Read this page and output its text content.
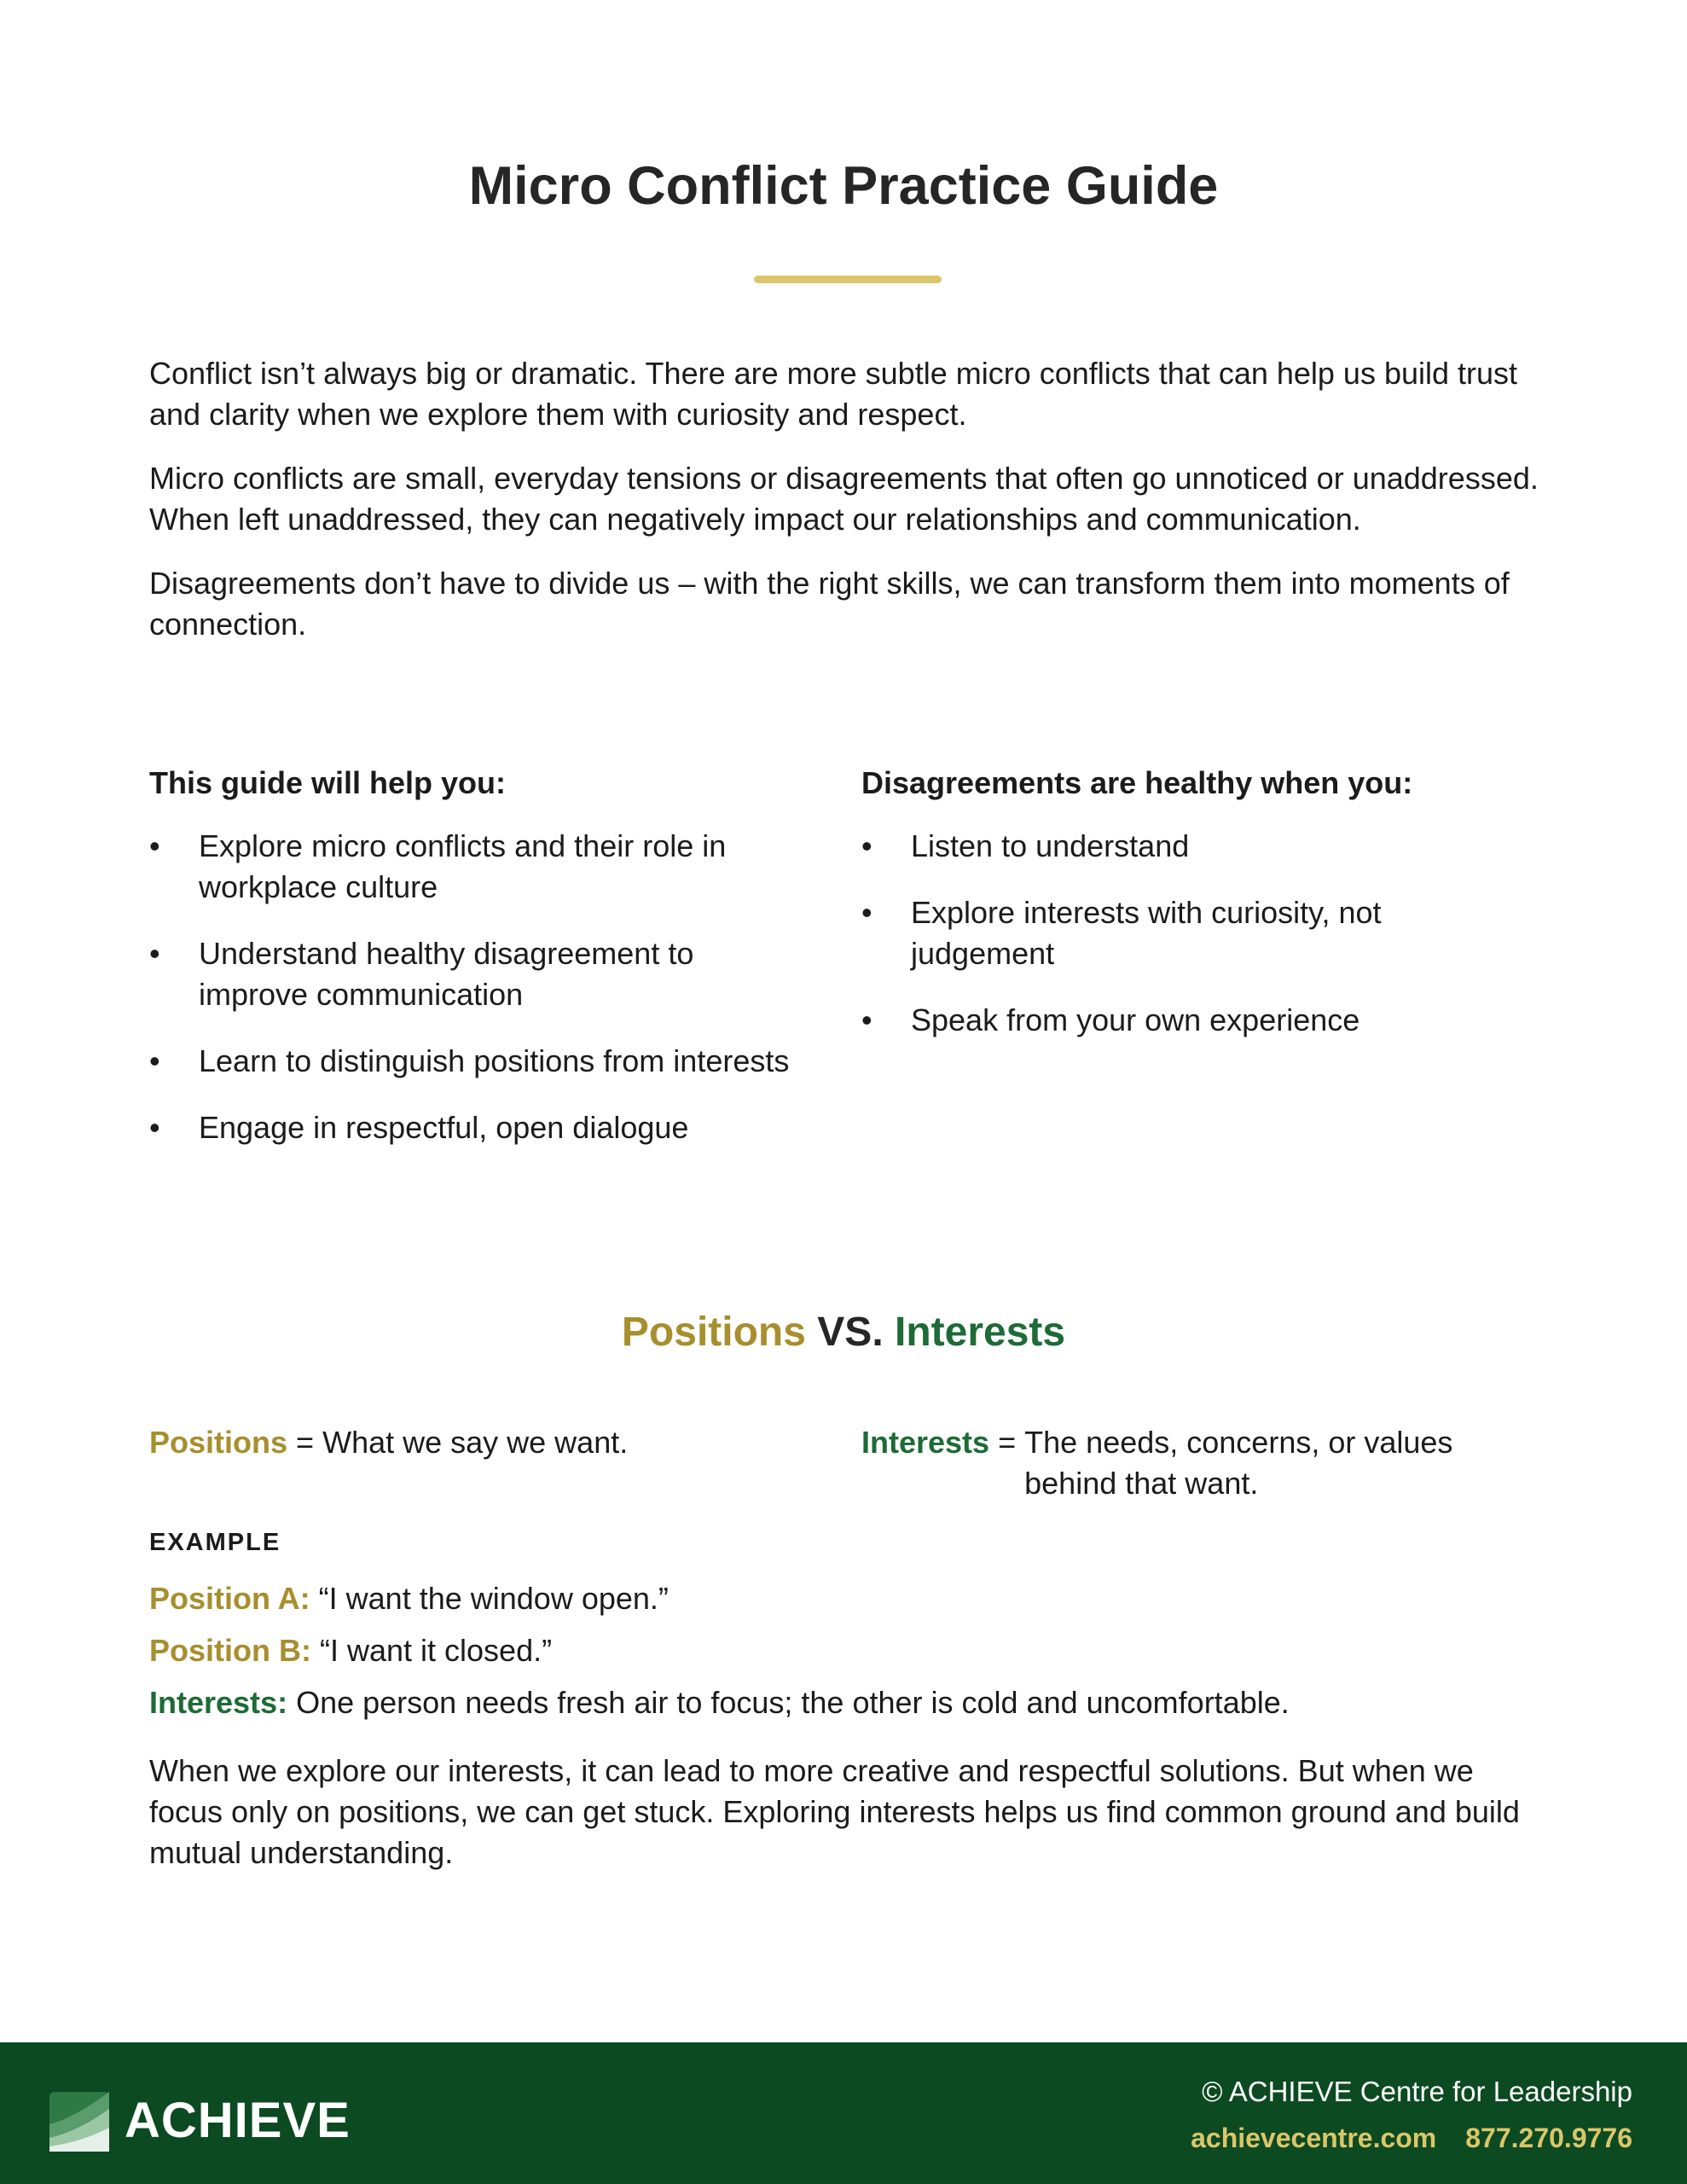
Micro Conflict Practice Guide

Conflict isn’t always big or dramatic. There are more subtle micro conflicts that can help us build trust and clarity when we explore them with curiosity and respect.

Micro conflicts are small, everyday tensions or disagreements that often go unnoticed or unaddressed. When left unaddressed, they can negatively impact our relationships and communication.

Disagreements don’t have to divide us – with the right skills, we can transform them into moments of connection.

This guide will help you:
• Explore micro conflicts and their role in workplace culture
• Understand healthy disagreement to improve communication
• Learn to distinguish positions from interests
• Engage in respectful, open dialogue
Disagreements are healthy when you:
• Listen to understand
• Explore interests with curiosity, not judgement
• Speak from your own experience
Positions VS. Interests
Positions = What we say we want.	Interests = The needs, concerns, or values behind that want.
EXAMPLE
Position A: “I want the window open.”
Position B: “I want it closed.”
Interests: One person needs fresh air to focus; the other is cold and uncomfortable.

When we explore our interests, it can lead to more creative and respectful solutions. But when we focus only on positions, we can get stuck. Exploring interests helps us find common ground and build mutual understanding.

ACHIEVE
© ACHIEVE Centre for Leadership
achievecentre.com 877.270.9776
